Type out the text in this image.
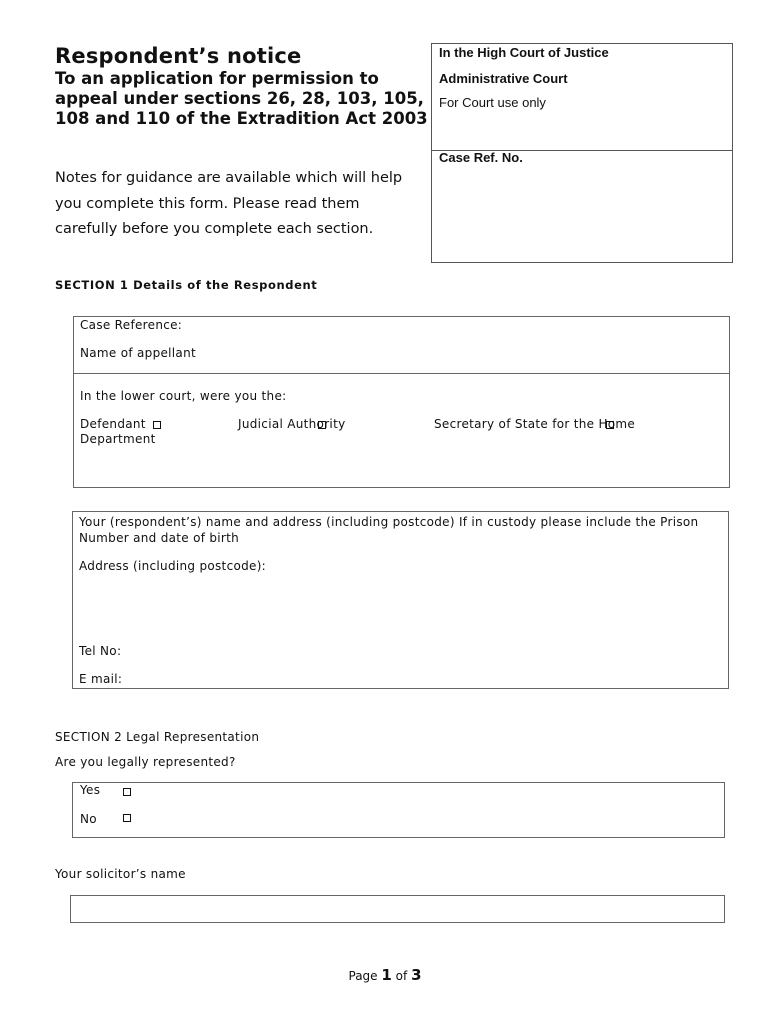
Respondent’s notice
To an application for permission to appeal under sections 26, 28, 103, 105, 108 and 110 of the Extradition Act 2003
Notes for guidance are available which will help you complete this form. Please read them carefully before you complete each section.
In the High Court of Justice
Administrative Court
For Court use only
Case Ref. No.
SECTION 1 Details of the Respondent
Case Reference:
Name of appellant
In the lower court, were you the:
Defendant	Judicial Authority	Secretary of State for the Home
Department
Your (respondent’s) name and address (including postcode) If in custody please include the Prison Number and date of birth
Address (including postcode):
Tel No:
E mail:
SECTION 2 Legal Representation
Are you legally represented?
Yes
No
Your solicitor’s name
Page 1 of 3
